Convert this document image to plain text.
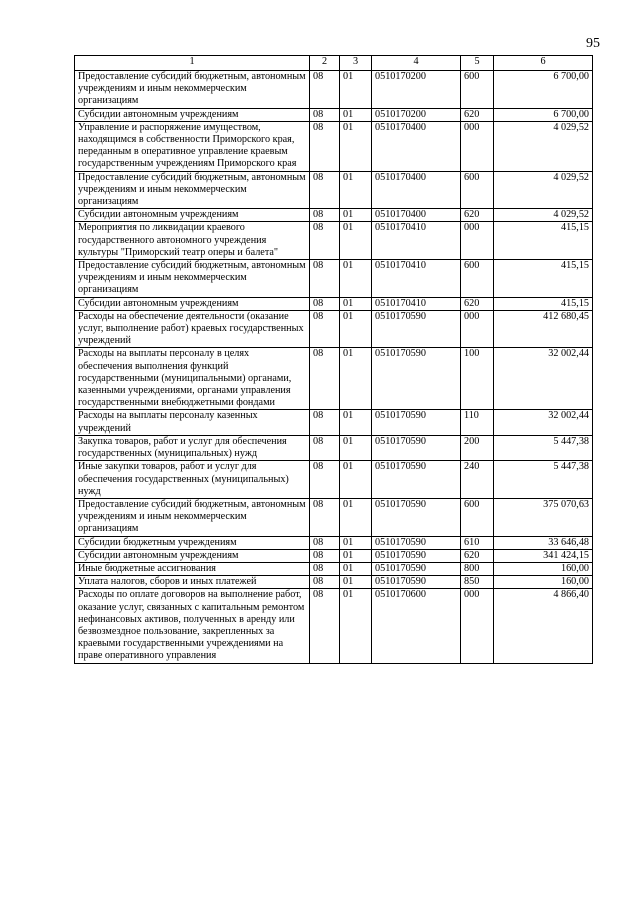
95
1	2	3	4	5	6
Предоставление субсидий бюджетным, автономным учреждениям и иным некоммерческим организациям	08	01	0510170200	600	6 700,00
Субсидии автономным учреждениям	08	01	0510170200	620	6 700,00
Управление и распоряжение имуществом, находящимся в собственности Приморского края, переданным в оперативное управление краевым государственным учреждениям Приморского края	08	01	0510170400	000	4 029,52
Предоставление субсидий бюджетным, автономным учреждениям и иным некоммерческим организациям	08	01	0510170400	600	4 029,52
Субсидии автономным учреждениям	08	01	0510170400	620	4 029,52
Мероприятия по ликвидации краевого государственного автономного учреждения культуры "Приморский театр оперы и балета"	08	01	0510170410	000	415,15
Предоставление субсидий бюджетным, автономным учреждениям и иным некоммерческим организациям	08	01	0510170410	600	415,15
Субсидии автономным учреждениям	08	01	0510170410	620	415,15
Расходы на обеспечение деятельности (оказание услуг, выполнение работ) краевых государственных учреждений	08	01	0510170590	000	412 680,45
Расходы на выплаты персоналу в целях обеспечения выполнения функций государственными (муниципальными) органами, казенными учреждениями, органами управления государственными внебюджетными фондами	08	01	0510170590	100	32 002,44
Расходы на выплаты персоналу казенных учреждений	08	01	0510170590	110	32 002,44
Закупка товаров, работ и услуг для обеспечения государственных (муниципальных) нужд	08	01	0510170590	200	5 447,38
Иные закупки товаров, работ и услуг для обеспечения государственных (муниципальных) нужд	08	01	0510170590	240	5 447,38
Предоставление субсидий бюджетным, автономным учреждениям и иным некоммерческим организациям	08	01	0510170590	600	375 070,63
Субсидии бюджетным учреждениям	08	01	0510170590	610	33 646,48
Субсидии автономным учреждениям	08	01	0510170590	620	341 424,15
Иные бюджетные ассигнования	08	01	0510170590	800	160,00
Уплата налогов, сборов и иных платежей	08	01	0510170590	850	160,00
Расходы по оплате договоров на выполнение работ, оказание услуг, связанных с капитальным ремонтом нефинансовых активов, полученных в аренду или безвозмездное пользование, закрепленных за краевыми государственными учреждениями на праве оперативного управления	08	01	0510170600	000	4 866,40
